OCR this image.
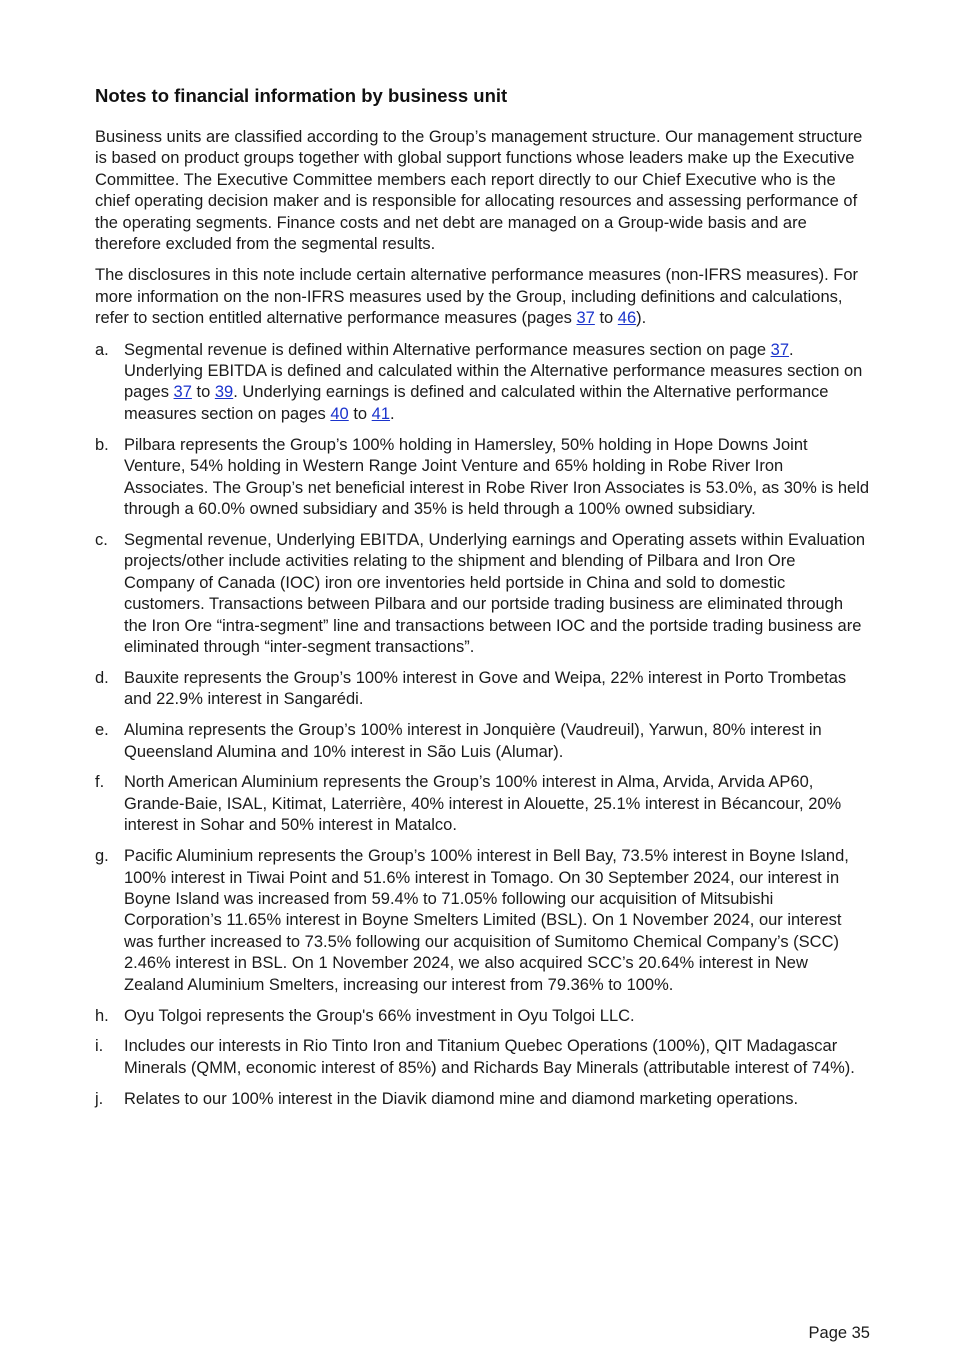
Notes to financial information by business unit

Business units are classified according to the Group’s management structure. Our management structure is based on product groups together with global support functions whose leaders make up the Executive Committee. The Executive Committee members each report directly to our Chief Executive who is the chief operating decision maker and is responsible for allocating resources and assessing performance of the operating segments. Finance costs and net debt are managed on a Group-wide basis and are therefore excluded from the segmental results.

The disclosures in this note include certain alternative performance measures (non-IFRS measures). For more information on the non-IFRS measures used by the Group, including definitions and calculations, refer to section entitled alternative performance measures (pages 37 to 46).

a. Segmental revenue is defined within Alternative performance measures section on page 37. Underlying EBITDA is defined and calculated within the Alternative performance measures section on pages 37 to 39. Underlying earnings is defined and calculated within the Alternative performance measures section on pages 40 to 41.
b. Pilbara represents the Group’s 100% holding in Hamersley, 50% holding in Hope Downs Joint Venture, 54% holding in Western Range Joint Venture and 65% holding in Robe River Iron Associates. The Group’s net beneficial interest in Robe River Iron Associates is 53.0%, as 30% is held through a 60.0% owned subsidiary and 35% is held through a 100% owned subsidiary.
c. Segmental revenue, Underlying EBITDA, Underlying earnings and Operating assets within Evaluation projects/other include activities relating to the shipment and blending of Pilbara and Iron Ore Company of Canada (IOC) iron ore inventories held portside in China and sold to domestic customers. Transactions between Pilbara and our portside trading business are eliminated through the Iron Ore “intra-segment” line and transactions between IOC and the portside trading business are eliminated through “inter-segment transactions”.
d. Bauxite represents the Group’s 100% interest in Gove and Weipa, 22% interest in Porto Trombetas and 22.9% interest in Sangarédi.
e. Alumina represents the Group’s 100% interest in Jonquière (Vaudreuil), Yarwun, 80% interest in Queensland Alumina and 10% interest in São Luis (Alumar).
f. North American Aluminium represents the Group’s 100% interest in Alma, Arvida, Arvida AP60, Grande-Baie, ISAL, Kitimat, Laterrière, 40% interest in Alouette, 25.1% interest in Bécancour, 20% interest in Sohar and 50% interest in Matalco.
g. Pacific Aluminium represents the Group’s 100% interest in Bell Bay, 73.5% interest in Boyne Island, 100% interest in Tiwai Point and 51.6% interest in Tomago. On 30 September 2024, our interest in Boyne Island was increased from 59.4% to 71.05% following our acquisition of Mitsubishi Corporation’s 11.65% interest in Boyne Smelters Limited (BSL). On 1 November 2024, our interest was further increased to 73.5% following our acquisition of Sumitomo Chemical Company’s (SCC) 2.46% interest in BSL. On 1 November 2024, we also acquired SCC’s 20.64% interest in New Zealand Aluminium Smelters, increasing our interest from 79.36% to 100%.
h. Oyu Tolgoi represents the Group's 66% investment in Oyu Tolgoi LLC.
i. Includes our interests in Rio Tinto Iron and Titanium Quebec Operations (100%), QIT Madagascar Minerals (QMM, economic interest of 85%) and Richards Bay Minerals (attributable interest of 74%).
j. Relates to our 100% interest in the Diavik diamond mine and diamond marketing operations.
Page 35
